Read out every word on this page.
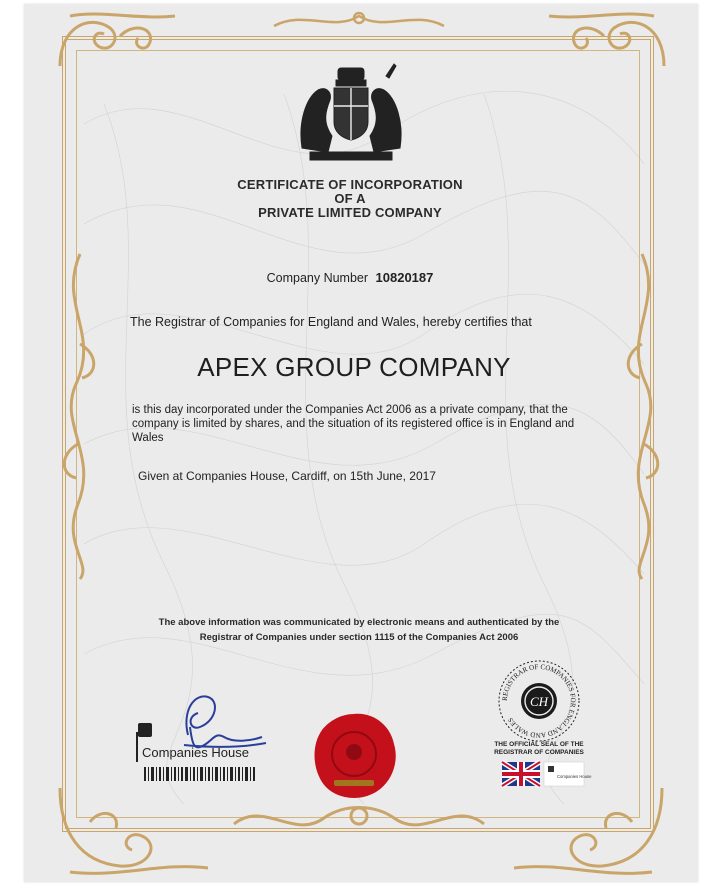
CERTIFICATE OF INCORPORATION
OF A
PRIVATE LIMITED COMPANY
Company Number 10820187
The Registrar of Companies for England and Wales, hereby certifies that
APEX GROUP COMPANY
is this day incorporated under the Companies Act 2006 as a private company, that the company is limited by shares, and the situation of its registered office is in England and Wales
Given at Companies House, Cardiff, on 15th June, 2017
The above information was communicated by electronic means and authenticated by the
Registrar of Companies under section 1115 of the Companies Act 2006
Companies House
REGISTRAR OF COMPANIES FOR ENGLAND AND WALES
CH
THE OFFICIAL SEAL OF THE
REGISTRAR OF COMPANIES
Companies House
